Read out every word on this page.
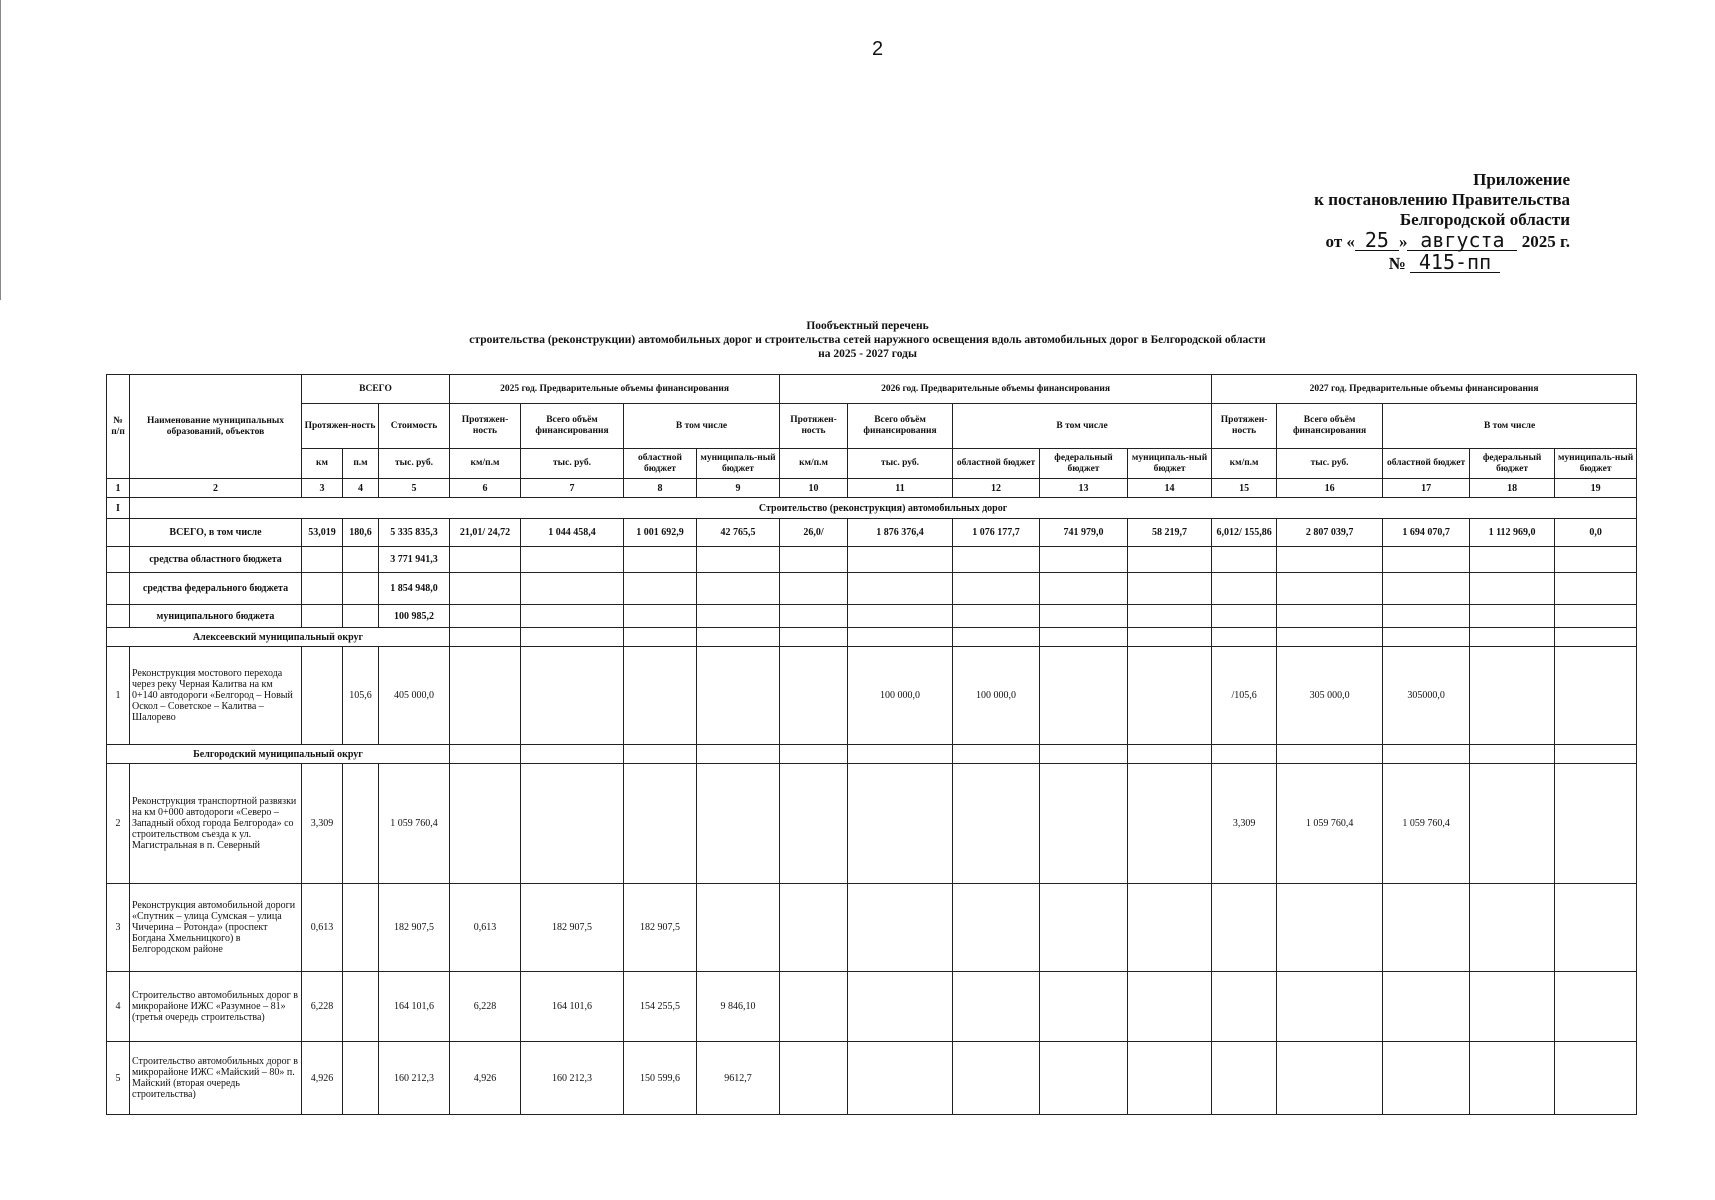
2
Приложение
к постановлению Правительства
Белгородской области
от « 25 » августа 2025 г.
№ 415-пп
Пообъектный перечень
строительства (реконструкции) автомобильных дорог и строительства сетей наружного освещения вдоль автомобильных дорог в Белгородской области
на 2025 - 2027 годы
№ п/п	Наименование муниципальных образований, объектов	ВСЕГО			2025 год. Предварительные объемы финансирования				2026 год. Предварительные объемы финансирования					2027 год. Предварительные объемы финансирования				
		Протяжен-ность		Стоимость	Протяжен-ность	Всего объём финансирования	В том числе		Протяжен-ность	Всего объём финансирования	В том числе			Протяжен-ность	Всего объём финансирования	В том числе		
		км	п.м	тыс. руб.	км/п.м	тыс. руб.	областной бюджет	муниципаль-ный бюджет	км/п.м	тыс. руб.	областной бюджет	федеральный бюджет	муниципаль-ный бюджет	км/п.м	тыс. руб.	областной бюджет	федеральный бюджет	муниципаль-ный бюджет
1	2	3	4	5	6	7	8	9	10	11	12	13	14	15	16	17	18	19
I	Строительство (реконструкция) автомобильных дорог																	
	ВСЕГО, в том числе	53,019	180,6	5 335 835,3	21,01/ 24,72	1 044 458,4	1 001 692,9	42 765,5	26,0/	1 876 376,4	1 076 177,7	741 979,0	58 219,7	6,012/ 155,86	2 807 039,7	1 694 070,7	1 112 969,0	0,0
	средства областного бюджета			3 771 941,3														
	средства федерального бюджета			1 854 948,0														
	муниципального бюджета			100 985,2														
Алексеевский муниципальный округ																		
1	Реконструкция мостового перехода через реку Черная Калитва на км 0+140 автодороги «Белгород – Новый Оскол – Советское – Калитва – Шалорево		105,6	405 000,0						100 000,0	100 000,0			/105,6	305 000,0	305000,0		
Белгородский муниципальный округ																		
2	Реконструкция транспортной развязки на км 0+000 автодороги «Северо – Западный обход города Белгорода» со строительством съезда к ул. Магистральная в п. Северный	3,309		1 059 760,4										3,309	1 059 760,4	1 059 760,4		
3	Реконструкция автомобильной дороги «Спутник – улица Сумская – улица Чичерина – Ротонда» (проспект Богдана Хмельницкого) в Белгородском районе	0,613		182 907,5	0,613	182 907,5	182 907,5											
4	Строительство автомобильных дорог в микрорайоне ИЖС «Разумное – 81» (третья очередь строительства)	6,228		164 101,6	6,228	164 101,6	154 255,5	9 846,10										
5	Строительство автомобильных дорог в микрорайоне ИЖС «Майский – 80» п. Майский (вторая очередь строительства)	4,926		160 212,3	4,926	160 212,3	150 599,6	9612,7										
